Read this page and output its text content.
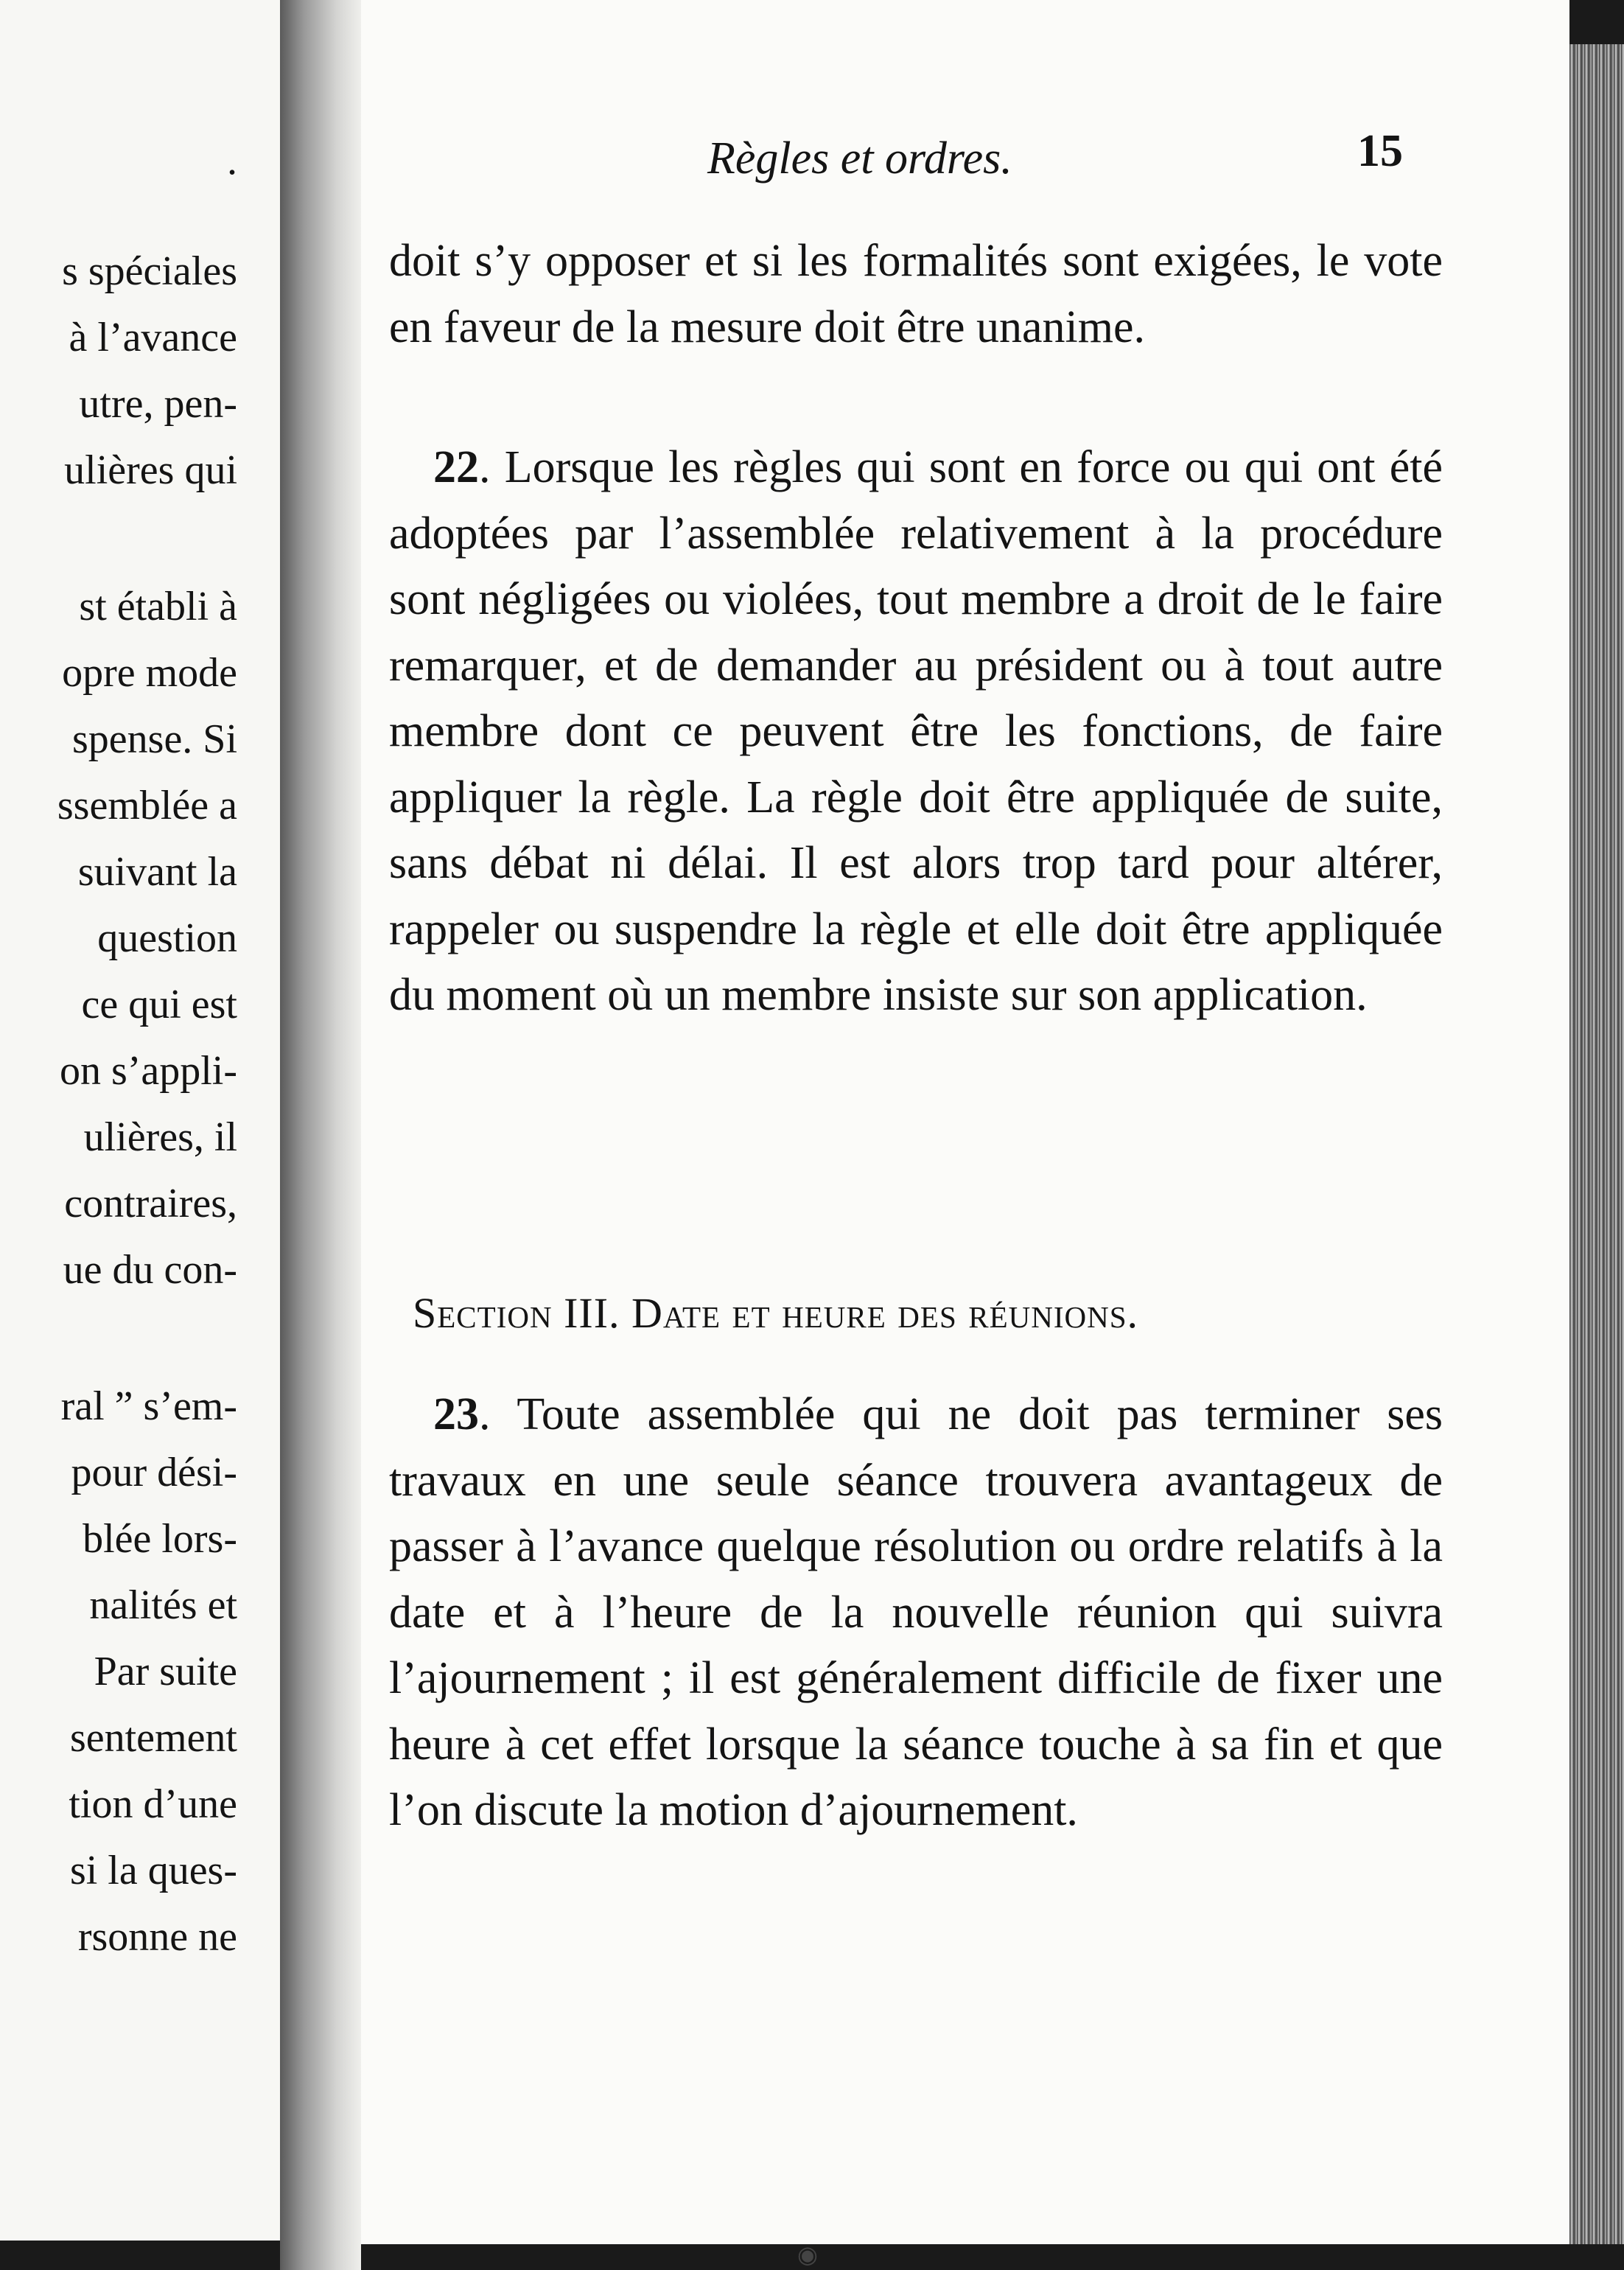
.
s spéciales
à l’avance
utre, pen-
ulières qui
st établi à
opre mode
spense. Si
ssemblée a
suivant la
question
ce qui est
on s’appli-
ulières, il
contraires,
ue du con-
ral ” s’em-
pour dési-
blée lors-
nalités et
Par suite
sentement
tion d’une
si la ques-
rsonne ne
Règles et ordres.	15
doit s’y opposer et si les formalités sont exigées, le vote en faveur de la mesure doit être unanime.
22. Lorsque les règles qui sont en force ou qui ont été adoptées par l’assemblée relativement à la procédure sont négligées ou violées, tout membre a droit de le faire remarquer, et de demander au président ou à tout autre membre dont ce peuvent être les fonctions, de faire appliquer la règle. La règle doit être appliquée de suite, sans débat ni délai. Il est alors trop tard pour altérer, rappeler ou suspendre la règle et elle doit être appliquée du moment où un membre insiste sur son application.
Section III. Date et heure des réunions.
23. Toute assemblée qui ne doit pas terminer ses travaux en une seule séance trouvera avantageux de passer à l’avance quelque résolution ou ordre relatifs à la date et à l’heure de la nouvelle réunion qui suivra l’ajournement ; il est généralement difficile de fixer une heure à cet effet lorsque la séance touche à sa fin et que l’on discute la motion d’ajournement.
◉
